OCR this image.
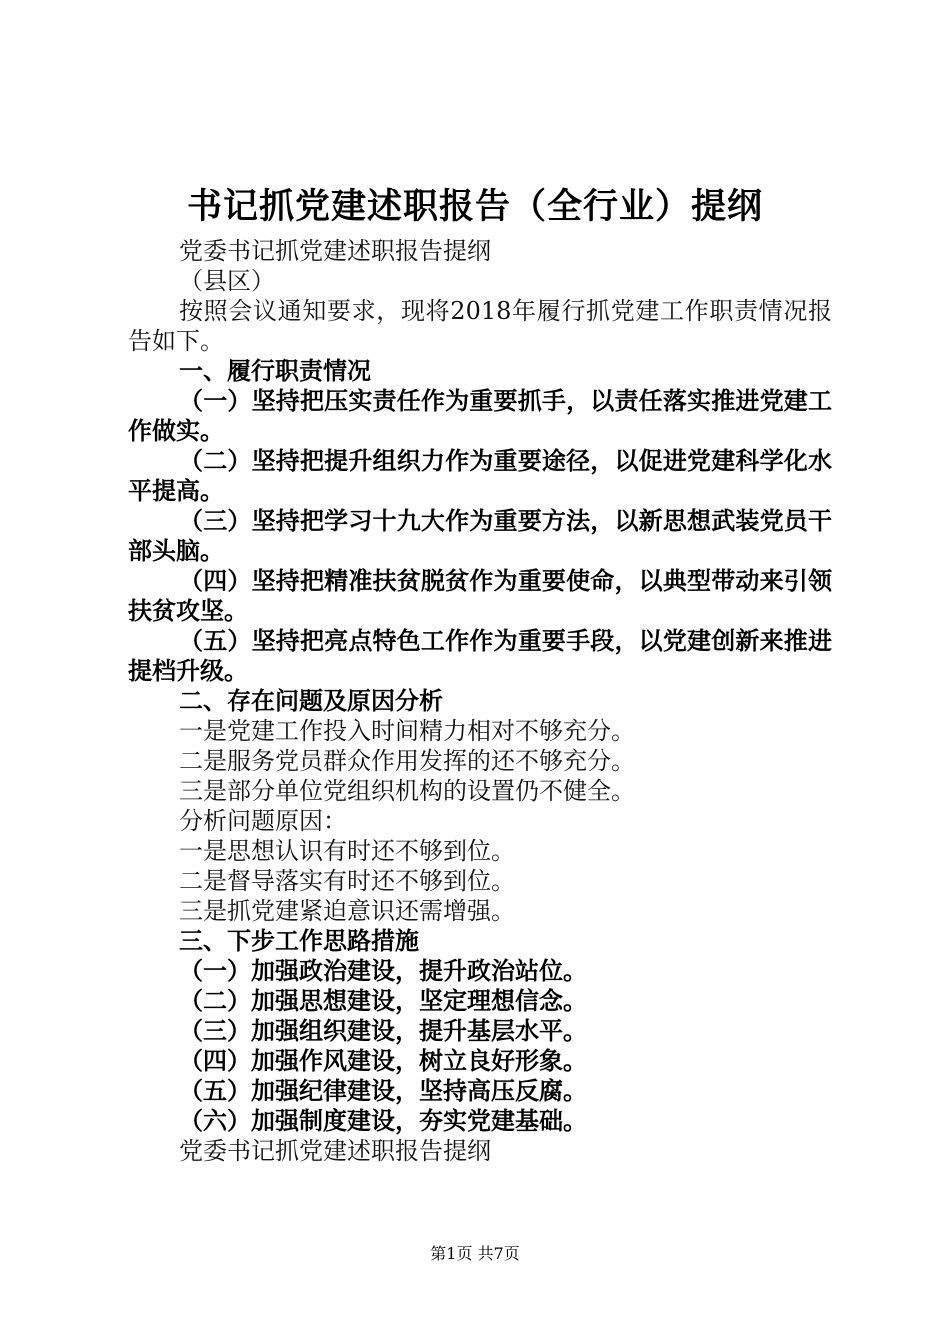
书记抓党建述职报告（全行业）提纲
党委书记抓党建述职报告提纲
（县区）
按照会议通知要求，现将2018年履行抓党建工作职责情况报告如下。
一、履行职责情况
（一）坚持把压实责任作为重要抓手，以责任落实推进党建工作做实。
（二）坚持把提升组织力作为重要途径，以促进党建科学化水平提高。
（三）坚持把学习十九大作为重要方法，以新思想武装党员干部头脑。
（四）坚持把精准扶贫脱贫作为重要使命，以典型带动来引领扶贫攻坚。
（五）坚持把亮点特色工作作为重要手段，以党建创新来推进提档升级。
二、存在问题及原因分析
一是党建工作投入时间精力相对不够充分。
二是服务党员群众作用发挥的还不够充分。
三是部分单位党组织机构的设置仍不健全。
分析问题原因：
一是思想认识有时还不够到位。
二是督导落实有时还不够到位。
三是抓党建紧迫意识还需增强。
三、下步工作思路措施
（一）加强政治建设，提升政治站位。
（二）加强思想建设，坚定理想信念。
（三）加强组织建设，提升基层水平。
（四）加强作风建设，树立良好形象。
（五）加强纪律建设，坚持高压反腐。
（六）加强制度建设，夯实党建基础。
党委书记抓党建述职报告提纲
第1页 共7页
